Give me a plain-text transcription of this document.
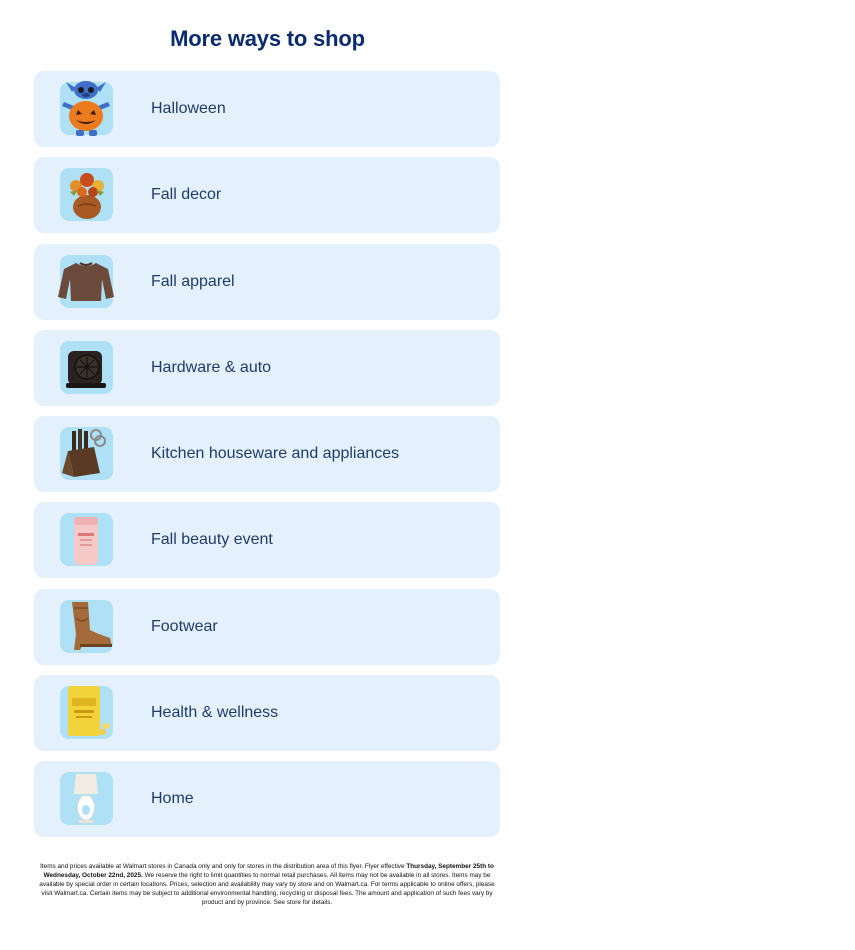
More ways to shop
Halloween
Fall decor
Fall apparel
Hardware & auto
Kitchen houseware and appliances
Fall beauty event
Footwear
Health & wellness
Home
Items and prices available at Walmart stores in Canada only and only for stores in the distribution area of this flyer. Flyer effective Thursday, September 25th to Wednesday, October 22nd, 2025. We reserve the right to limit quantities to normal retail purchases. All items may not be available in all stores. Items may be available by special order in certain locations. Prices, selection and availability may vary by store and on Walmart.ca. For terms applicable to online offers, please visit Walmart.ca. Certain items may be subject to additional environmental handling, recycling or disposal fees. The amount and application of such fees vary by product and by province. See store for details.
